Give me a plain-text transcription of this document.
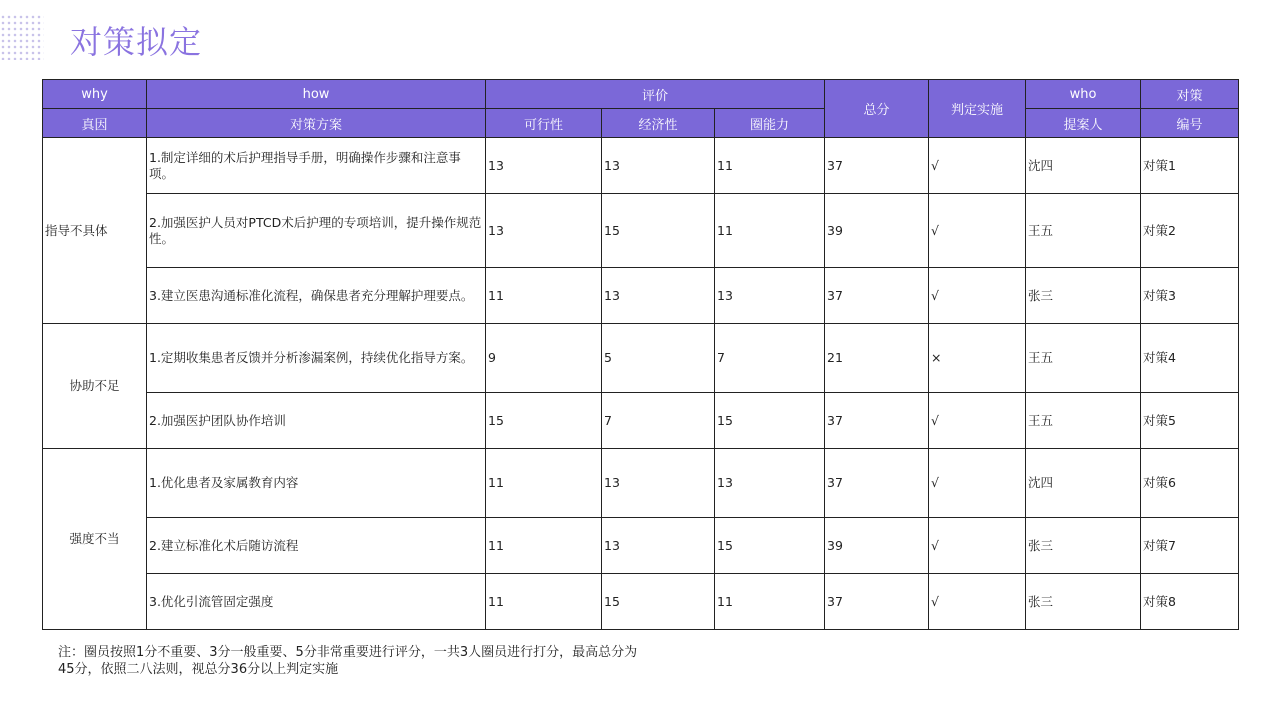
对策拟定
why	how	评价			总分	判定实施	who	对策
真因	对策方案	可行性	经济性	圈能力			提案人	编号
指导不具体	1.制定详细的术后护理指导手册，明确操作步骤和注意事项。	13	13	11	37	√	沈四	对策1
	2.加强医护人员对PTCD术后护理的专项培训，提升操作规范性。	13	15	11	39	√	王五	对策2
	3.建立医患沟通标准化流程，确保患者充分理解护理要点。	11	13	13	37	√	张三	对策3
协助不足	1.定期收集患者反馈并分析渗漏案例，持续优化指导方案。	9	5	7	21	×	王五	对策4
	2.加强医护团队协作培训	15	7	15	37	√	王五	对策5
强度不当	1.优化患者及家属教育内容	11	13	13	37	√	沈四	对策6
	2.建立标准化术后随访流程	11	13	15	39	√	张三	对策7
	3.优化引流管固定强度	11	15	11	37	√	张三	对策8
注：圈员按照1分不重要、3分一般重要、5分非常重要进行评分，一共3人圈员进行打分，最高总分为
45分，依照二八法则，视总分36分以上判定实施
